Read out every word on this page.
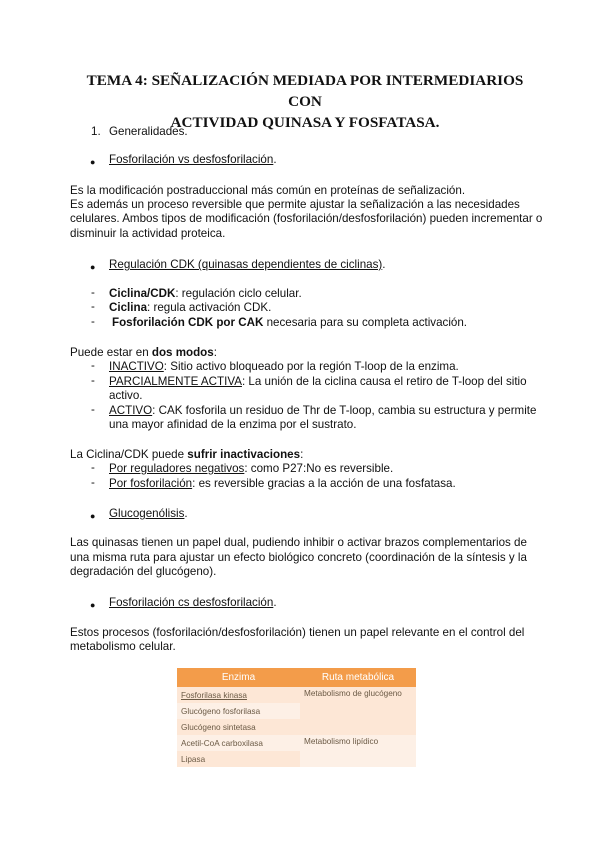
TEMA 4: SEÑALIZACIÓN MEDIADA POR INTERMEDIARIOS CON
ACTIVIDAD QUINASA Y FOSFATASA.
1. Generalidades.
● Fosforilación vs desfosforilación.
Es la modificación postraduccional más común en proteínas de señalización.
Es además un proceso reversible que permite ajustar la señalización a las necesidades
celulares. Ambos tipos de modificación (fosforilación/desfosforilación) pueden incrementar o
disminuir la actividad proteica.
● Regulación CDK (quinasas dependientes de ciclinas).
-	Ciclina/CDK: regulación ciclo celular.
-	Ciclina: regula activación CDK.
-	Fosforilación CDK por CAK necesaria para su completa activación.
Puede estar en dos modos:
-	INACTIVO: Sitio activo bloqueado por la región T-loop de la enzima.
-	PARCIALMENTE ACTIVA: La unión de la ciclina causa el retiro de T-loop del sitio
activo.
-	ACTIVO: CAK fosforila un residuo de Thr de T-loop, cambia su estructura y permite
una mayor afinidad de la enzima por el sustrato.
La Ciclina/CDK puede sufrir inactivaciones:
-	Por reguladores negativos: como P27:No es reversible.
-	Por fosforilación: es reversible gracias a la acción de una fosfatasa.
● Glucogenólisis.
Las quinasas tienen un papel dual, pudiendo inhibir o activar brazos complementarios de
una misma ruta para ajustar un efecto biológico concreto (coordinación de la síntesis y la
degradación del glucógeno).
● Fosforilación cs desfosforilación.
Estos procesos (fosforilación/desfosforilación) tienen un papel relevante en el control del
metabolismo celular.
Enzima	Ruta metabólica
Fosforilasa kinasa	Metabolismo de glucógeno
Glucógeno fosforilasa	
Glucógeno sintetasa	
Acetil-CoA carboxilasa	Metabolismo lipídico
Lipasa	
